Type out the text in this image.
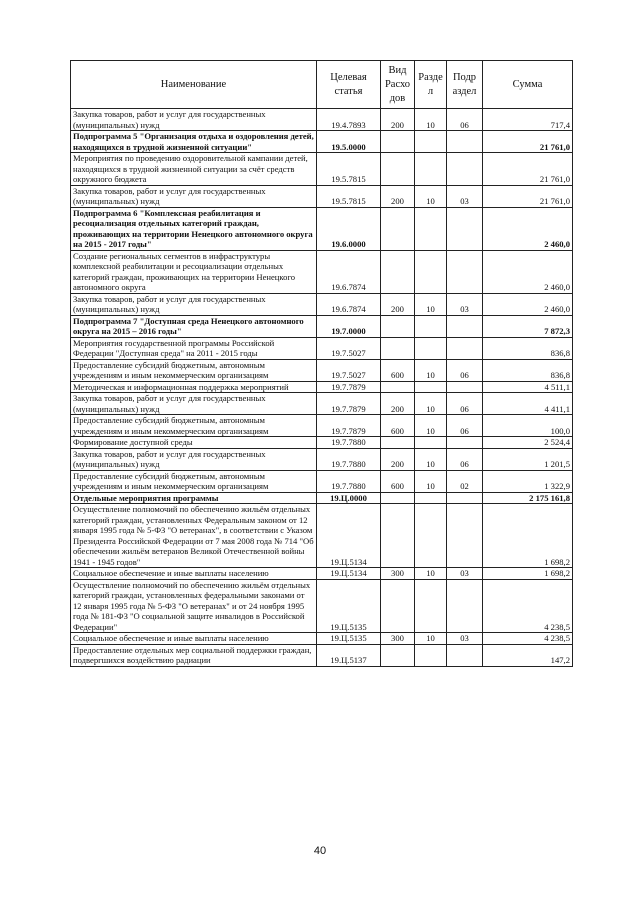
Наименование	Целевая статья	Вид Расхо дов	Разде л	Подр аздел	Сумма
Закупка товаров, работ и услуг для государственных (муниципальных) нужд	19.4.7893	200	10	06	717,4
Подпрограмма 5 "Организация отдыха и оздоровления детей, находящихся в трудной жизненной ситуации"	19.5.0000				21 761,0
Мероприятия по проведению оздоровительной кампании детей, находящихся в трудной жизненной ситуации за счёт средств окружного бюджета	19.5.7815				21 761,0
Закупка товаров, работ и услуг для государственных (муниципальных) нужд	19.5.7815	200	10	03	21 761,0
Подпрограмма 6 "Комплексная реабилитация и ресоциализация отдельных категорий граждан, проживающих на территории Ненецкого автономного округа на 2015 - 2017 годы"	19.6.0000				2 460,0
Создание региональных сегментов в инфраструктуры комплексной реабилитации и ресоциализации отдельных категорий граждан, проживающих на территории Ненецкого автономного округа	19.6.7874				2 460,0
Закупка товаров, работ и услуг для государственных (муниципальных) нужд	19.6.7874	200	10	03	2 460,0
Подпрограмма 7 "Доступная среда Ненецкого автономного округа на 2015 – 2016 годы"	19.7.0000				7 872,3
Мероприятия государственной программы Российской Федерации "Доступная среда" на 2011 - 2015 годы	19.7.5027				836,8
Предоставление субсидий бюджетным, автономным учреждениям и иным некоммерческим организациям	19.7.5027	600	10	06	836,8
Методическая и информационная поддержка мероприятий	19.7.7879				4 511,1
Закупка товаров, работ и услуг для государственных (муниципальных) нужд	19.7.7879	200	10	06	4 411,1
Предоставление субсидий бюджетным, автономным учреждениям и иным некоммерческим организациям	19.7.7879	600	10	06	100,0
Формирование доступной среды	19.7.7880				2 524,4
Закупка товаров, работ и услуг для государственных (муниципальных) нужд	19.7.7880	200	10	06	1 201,5
Предоставление субсидий бюджетным, автономным учреждениям и иным некоммерческим организациям	19.7.7880	600	10	02	1 322,9
Отдельные мероприятия программы	19.Ц.0000				2 175 161,8
Осуществление полномочий по обеспечению жильём отдельных категорий граждан, установленных Федеральным законом от 12 января 1995 года № 5-ФЗ "О ветеранах", в соответствии с Указом Президента Российской Федерации от 7 мая 2008 года № 714 "Об обеспечении жильём ветеранов Великой Отечественной войны 1941 - 1945 годов"	19.Ц.5134				1 698,2
Социальное обеспечение и иные выплаты населению	19.Ц.5134	300	10	03	1 698,2
Осуществление полномочий по обеспечению жильём отдельных категорий граждан, установленных федеральными законами от 12 января 1995 года № 5-ФЗ "О ветеранах" и от 24 ноября 1995 года № 181-ФЗ "О социальной защите инвалидов в Российской Федерации"	19.Ц.5135				4 238,5
Социальное обеспечение и иные выплаты населению	19.Ц.5135	300	10	03	4 238,5
Предоставление отдельных мер социальной поддержки граждан, подвергшихся воздействию радиации	19.Ц.5137				147,2
40
